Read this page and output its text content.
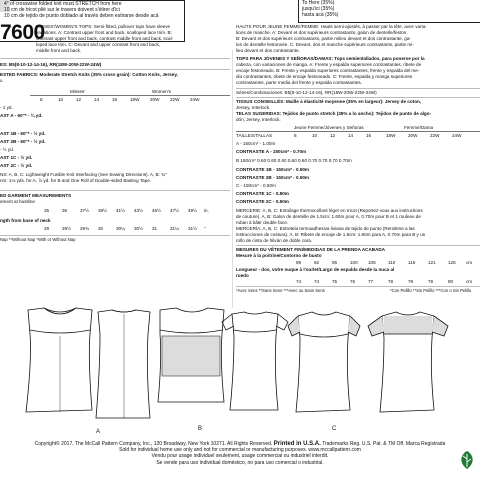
4" of crosswise folded knit must STRETCH from here
10 cm de tricot plié sur le travers doivent s'étirer d'ici
10 cm de tejido de punto doblado al través deben estirarse desde acá
7600
To Here (35%)
jusqu'ici (35%)
hasta acá (35%)
MISSES'/WOMEN'S TOPS: Semi-fitted, pullover tops have sleeve
variations. A: Contrast upper front and back, scalloped lace trim. B:
Contrast upper front and back, contrast middle front and back, scal-
loped lace trim. C: Devant and upper contrast front and back,
middle front and back.
ES: B5(8-10-12-14-16), RR(18W-20W-22W-24W)
ESTED FABRICS: Moderate Stretch Knits (35% cross grain): Cotton Knits, Jersey,
x.
Misses'	Women's
8	10	12	14	16	18W 20W 22W 24W
- 1 yd.
AST A - 60"* - ¾ yd.
AST 1B - 60"* - ½ yd.
AST 2B - 60"* - ½ yd.
- ½ yd.
AST 1C - ½ yd.
AST 2C - ½ yd.
NS: A, B, C: Lightweight Fusible Knit Interfacing (See Sewing Directions). A, B: ¾"
nm: 1⅛ yds. for A, ⅞ yd. for B and One Roll of Double-sided Basting Tape.
ED GARMENT MEASUREMENTS
ement at bustline
35	36	37½ 39½ 41½ 43½ 45½ 47½ 49½ in.
ngth from base of neck
29	29½ 29¾ 30	30¼ 30½ 31	31¼ 31½ "
Nap **Without Nap *With or Without Nap
HAUTS POUR JEUNE FEMME/FEMME: Hauts semi-ajustés, à passer par la tête, avec varia-
tions de manche. A: Devant et dos supérieurs contrastants, galon de dentelle/feston.
B: Devant et dos supérieurs contrastants, partie milieu devant et dos contrastante, ga-
lon de dentelle festonnée. C: Devant, dos et manche supérieurs contrastants, partie mi-
lieu devant et dos contrastante.
TOPS PARA JÓVENES Y SEÑORAS/DAMAS: Tops semientallados, para ponerse por la
cabeza, con variaciones de manga. A: Frente y espalda superiores contrastantes, ribete de
encaje festoneado. B: Frente y espalda superiores contrastantes, frente y espalda del me-
dio contrastantes, ribete de encaje festoneado. C: Frente, espalda y manga superiores
contrastantes, parte media del frente y espalda contrastantes.
Séries/Combinaciones: B5(8-10-12-14-16), RR(18W-20W-22W-24W)
TISSUS CONSEILLÉS: Maille à élasticité moyenne (35% en largeur): Jersey de coton,
Jersey, Interlock.
TELAS SUGERIDAS: Tejidos de punto stretch (35% a lo ancho): Tejidos de punto de algo-
dón, Jersey, Interlock.
Jeune Femme/Jóvenes y Señoras	Femme/Dama
TAILLES/TALLAS	8	10	12	14	16	18W	20W	22W	24W
A - 150cm* - 1.00m
CONTRASTE A - 150cm* - 0.70m
B 150cm* 0.60 0.60 0.60 0.60 0.60 0.70 0.70 0.70 0.70m
CONTRASTE 1B - 150cm* - 0.50m
CONTRASTE 2B - 150cm* - 0.50m
C - 150cm* - 0.50m
CONTRASTE 1C - 0.80m
CONTRASTE 2C - 0.50m
MERCERIE: A, B, C: Entoilage thermocollant léger en tricot (Reportez-vous aux instructions
de couture). A, B: Galon de dentelle de 1.5cm: 1.60m pour A, 0.70m pour B et 1 rouleau de
ruban à bâtir double face.
MERCERÍA: A, B, C: Entretela termoadhesiva liviana de tejido de punto (Remitirse a las
instrucciones de costura). A, B: Ribete de encaje de 1.5cm: 1.60m para A, 0.70m para B y un
rollo de cinta de hilván de doble cara.
MESURES DU VÊTEMENT FINI/MEDIDAS DE LA PRENDA ACABADA
Mesure à la poitrine/Contorno de busto
89	92	95	100 105	110	116	121	126 cm
Longueur - dos, votre nuque à l'ourlet/Largo de espalda desde la nuca al
ruedo
74	74	75	76	77	78	79	79	80	cm
*Avec Sens **Sans Sens ***Avec ou Sans Sens	*Con Pelillo **Sin Pelillo ***Con o Sin Pelillo
A	B	C
Copyright© 2017, The McCall Pattern Company, Inc., 120 Broadway, New York 10271. All Rights Reserved. Printed in U.S.A. Trademarks Reg. U.S. Pat. & TM Off. Marca Registrada
Sold for individual home use only and not for commercial or manufacturing purposes. www.mccallpattern.com
Vendu pour usage individuel seulement, usage commercial ou industriel interdit.
Se vende para uso individual doméstico, no para uso comercial o industrial.
